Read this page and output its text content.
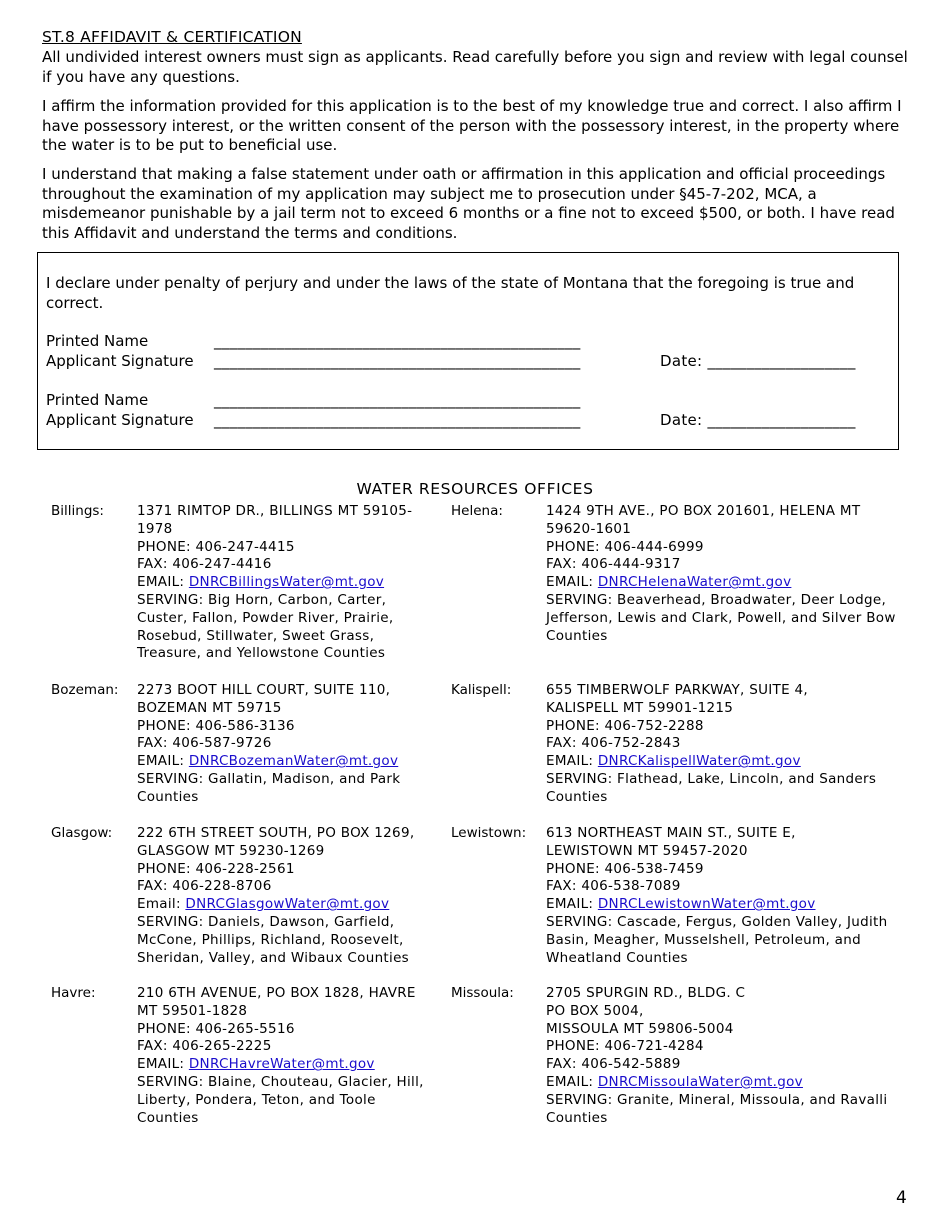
ST.8 AFFIDAVIT & CERTIFICATION
All undivided interest owners must sign as applicants. Read carefully before you sign and review with legal counsel if you have any questions.
I affirm the information provided for this application is to the best of my knowledge true and correct. I also affirm I have possessory interest, or the written consent of the person with the possessory interest, in the property where the water is to be put to beneficial use.
I understand that making a false statement under oath or affirmation in this application and official proceedings throughout the examination of my application may subject me to prosecution under §45-7-202, MCA, a misdemeanor punishable by a jail term not to exceed 6 months or a fine not to exceed $500, or both. I have read this Affidavit and understand the terms and conditions.
I declare under penalty of perjury and under the laws of the state of Montana that the foregoing is true and correct.
Printed Name	_______________________________________________
Applicant Signature _______________________________________________	Date: ___________________
Printed Name	_______________________________________________
Applicant Signature _______________________________________________	Date: ___________________
WATER RESOURCES OFFICES
Billings: 1371 RIMTOP DR., BILLINGS MT 59105-
1978
PHONE: 406-247-4415
FAX: 406-247-4416
EMAIL: DNRCBillingsWater@mt.gov
SERVING: Big Horn, Carbon, Carter, Custer, Fallon, Powder River, Prairie, Rosebud, Stillwater, Sweet Grass, Treasure, and Yellowstone Counties
Helena:	1424 9TH AVE., PO BOX 201601, HELENA MT
59620-1601
PHONE: 406-444-6999
FAX: 406-444-9317
EMAIL: DNRCHelenaWater@mt.gov
SERVING: Beaverhead, Broadwater, Deer Lodge, Jefferson, Lewis and Clark, Powell, and Silver Bow Counties
Bozeman: 2273 BOOT HILL COURT, SUITE 110,
BOZEMAN MT 59715
PHONE: 406-586-3136
FAX: 406-587-9726
EMAIL: DNRCBozemanWater@mt.gov
SERVING: Gallatin, Madison, and Park Counties
Kalispell:	655 TIMBERWOLF PARKWAY, SUITE 4,
KALISPELL MT 59901-1215
PHONE: 406-752-2288
FAX: 406-752-2843
EMAIL: DNRCKalispellWater@mt.gov
SERVING: Flathead, Lake, Lincoln, and Sanders Counties
Glasgow: 222 6TH STREET SOUTH, PO BOX 1269,
GLASGOW MT 59230-1269
PHONE: 406-228-2561
FAX: 406-228-8706
Email: DNRCGlasgowWater@mt.gov
SERVING: Daniels, Dawson, Garfield, McCone, Phillips, Richland, Roosevelt, Sheridan, Valley, and Wibaux Counties
Lewistown: 613 NORTHEAST MAIN ST., SUITE E,
LEWISTOWN MT 59457-2020
PHONE: 406-538-7459
FAX: 406-538-7089
EMAIL: DNRCLewistownWater@mt.gov
SERVING: Cascade, Fergus, Golden Valley, Judith Basin, Meagher, Musselshell, Petroleum, and Wheatland Counties
Havre:	210 6TH AVENUE, PO BOX 1828, HAVRE
MT 59501-1828
PHONE: 406-265-5516
FAX: 406-265-2225
EMAIL: DNRCHavreWater@mt.gov
SERVING: Blaine, Chouteau, Glacier, Hill, Liberty, Pondera, Teton, and Toole Counties
Missoula: 2705 SPURGIN RD., BLDG. C
PO BOX 5004,
MISSOULA MT 59806-5004
PHONE: 406-721-4284
FAX: 406-542-5889
EMAIL: DNRCMissoulaWater@mt.gov
SERVING: Granite, Mineral, Missoula, and Ravalli Counties
4
